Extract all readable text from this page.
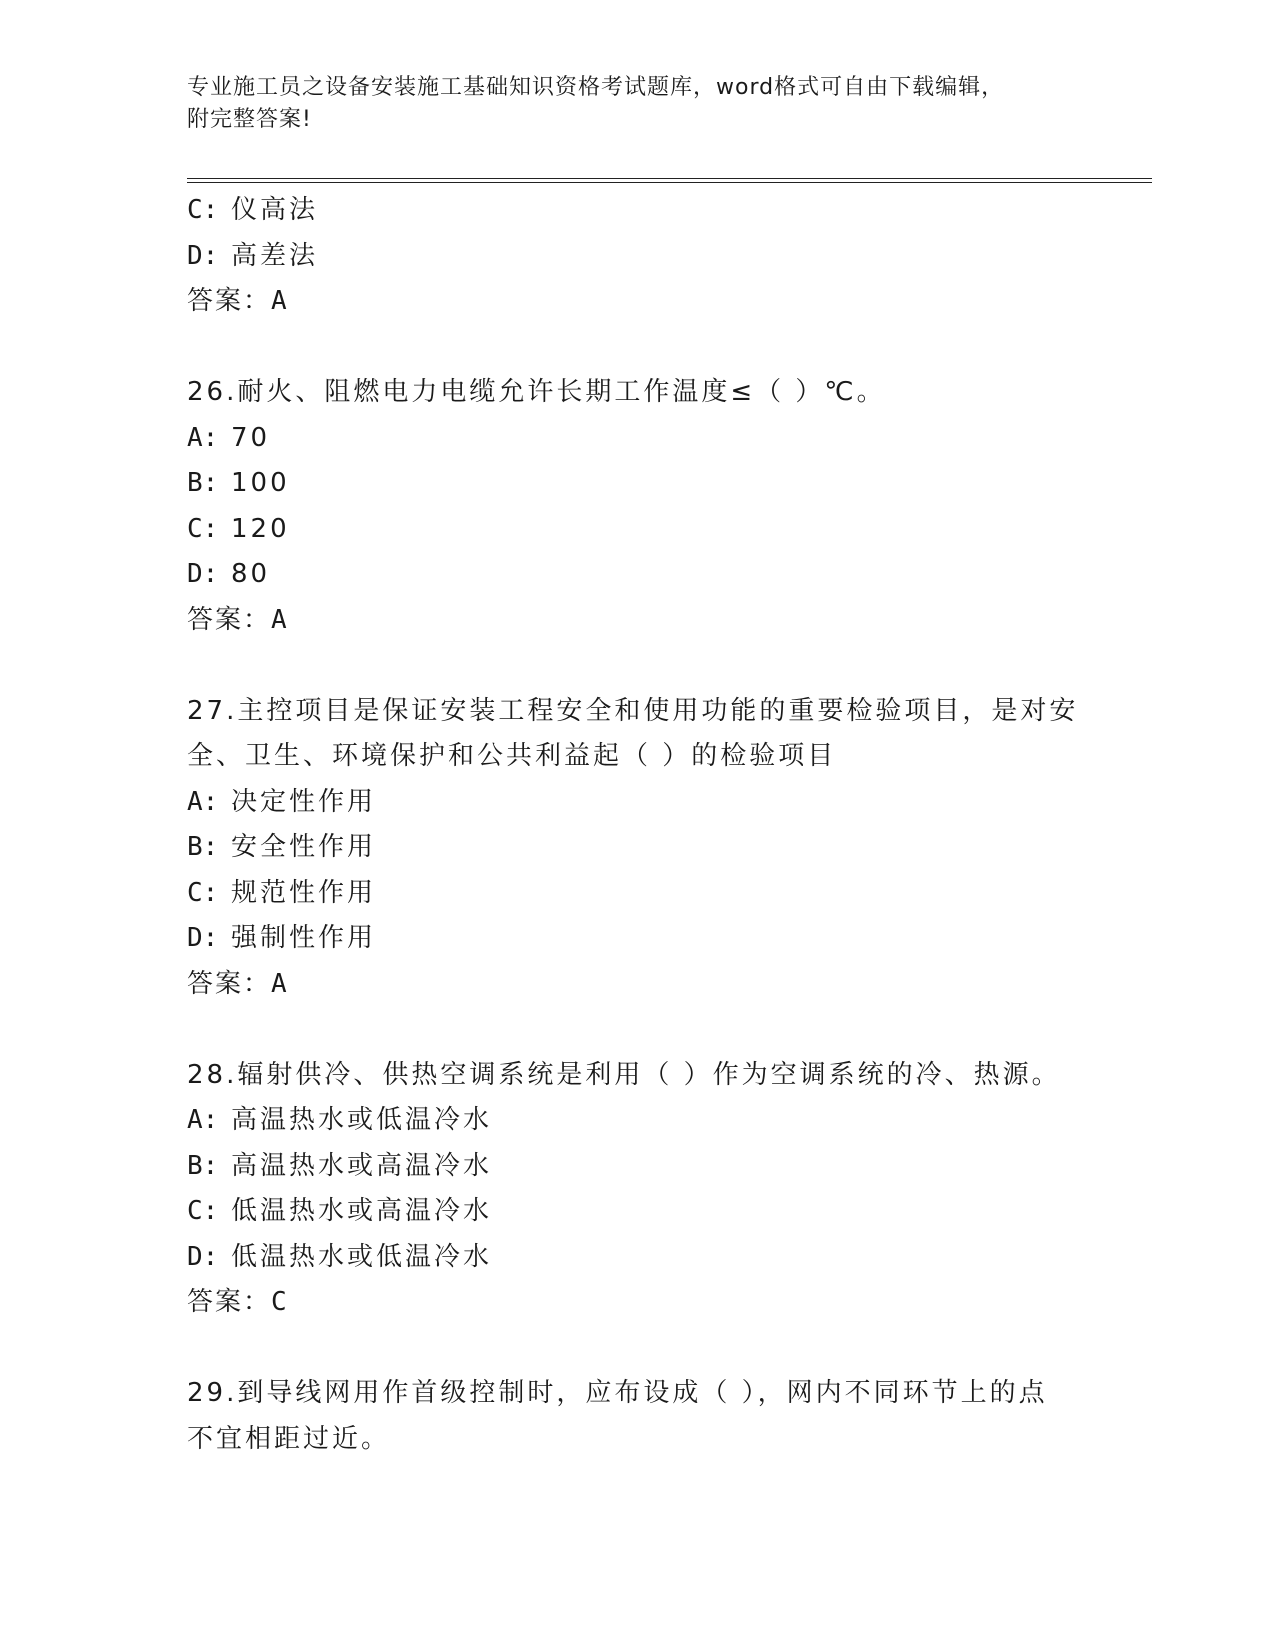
专业施工员之设备安装施工基础知识资格考试题库，word格式可自由下载编辑，
附完整答案!
C: 仪高法
D: 高差法
答案：A
26.耐火、阻燃电力电缆允许长期工作温度≤（ ）℃。
A: 70
B: 100
C: 120
D: 80
答案：A
27.主控项目是保证安装工程安全和使用功能的重要检验项目，是对安
全、卫生、环境保护和公共利益起（ ）的检验项目
A: 决定性作用
B: 安全性作用
C: 规范性作用
D: 强制性作用
答案：A
28.辐射供冷、供热空调系统是利用（ ）作为空调系统的冷、热源。
A: 高温热水或低温冷水
B: 高温热水或高温冷水
C: 低温热水或高温冷水
D: 低温热水或低温冷水
答案：C
29.到导线网用作首级控制时，应布设成（ ），网内不同环节上的点
不宜相距过近。
